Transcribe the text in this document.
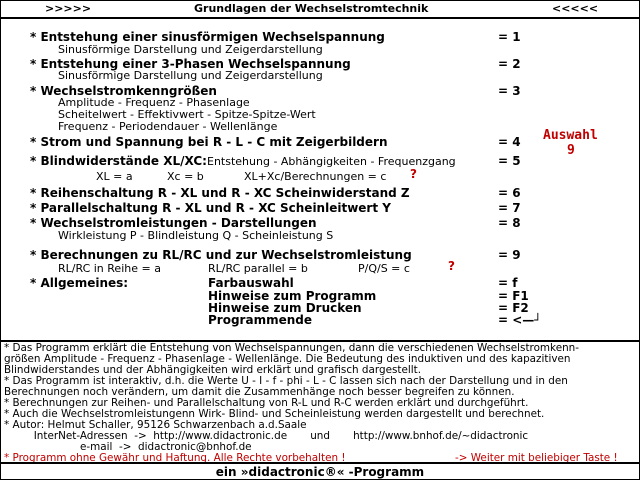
>>>>>	Grundlagen der Wechselstromtechnik	<<<<<
* Entstehung einer sinusförmigen Wechselspannung	= 1
Sinusförmige Darstellung und Zeigerdarstellung
* Entstehung einer 3-Phasen Wechselspannung	= 2
Sinusförmige Darstellung und Zeigerdarstellung
* Wechselstromkenngrößen	= 3
Amplitude - Frequenz - Phasenlage
Scheitelwert - Effektivwert - Spitze-Spitze-Wert
Frequenz - Periodendauer - Wellenlänge
* Strom und Spannung bei R - L - C mit Zeigerbildern	= 4 Auswahl
9
* Blindwiderstände XL/XC: Entstehung - Abhängigkeiten - Frequenzgang	= 5
XL = a	Xc = b	XL+Xc/Berechnungen = c ?
* Reihenschaltung R - XL und R - XC Scheinwiderstand Z	= 6
* Parallelschaltung R - XL und R - XC Scheinleitwert Y	= 7
* Wechselstromleistungen - Darstellungen	= 8
Wirkleistung P - Blindleistung Q - Scheinleistung S
* Berechnungen zu RL/RC und zur Wechselstromleistung	= 9
RL/RC in Reihe = a	RL/RC parallel = b	P/Q/S = c	?
* Allgemeines:	Farbauswahl	= f
Hinweise zum Programm	= F1
Hinweise zum Drucken	= F2
Programmende	= <—┘
* Das Programm erklärt die Entstehung von Wechselspannungen, dann die verschiedenen Wechselstromkenn-
größen Amplitude - Frequenz - Phasenlage - Wellenlänge. Die Bedeutung des induktiven und des kapazitiven
Blindwiderstandes und der Abhängigkeiten wird erklärt und grafisch dargestellt.
* Das Programm ist interaktiv, d.h. die Werte U - I - f - phi - L - C lassen sich nach der Darstellung und in den
Berechnungen noch verändern, um damit die Zusammenhänge noch besser begreifen zu können.
* Berechnungen zur Reihen- und Parallelschaltung von R-L und R-C werden erklärt und durchgeführt.
* Auch die Wechselstromleistungenn Wirk- Blind- und Scheinleistung werden dargestellt und berechnet.
* Autor: Helmut Schaller, 95126 Schwarzenbach a.d.Saale
InterNet-Adressen  ->  http://www.didactronic.de       und       http://www.bnhof.de/~didactronic
e-mail  ->  didactronic@bnhof.de
* Programm ohne Gewähr und Haftung. Alle Rechte vorbehalten !	-> Weiter mit beliebiger Taste !
ein »didactronic®« -Programm
